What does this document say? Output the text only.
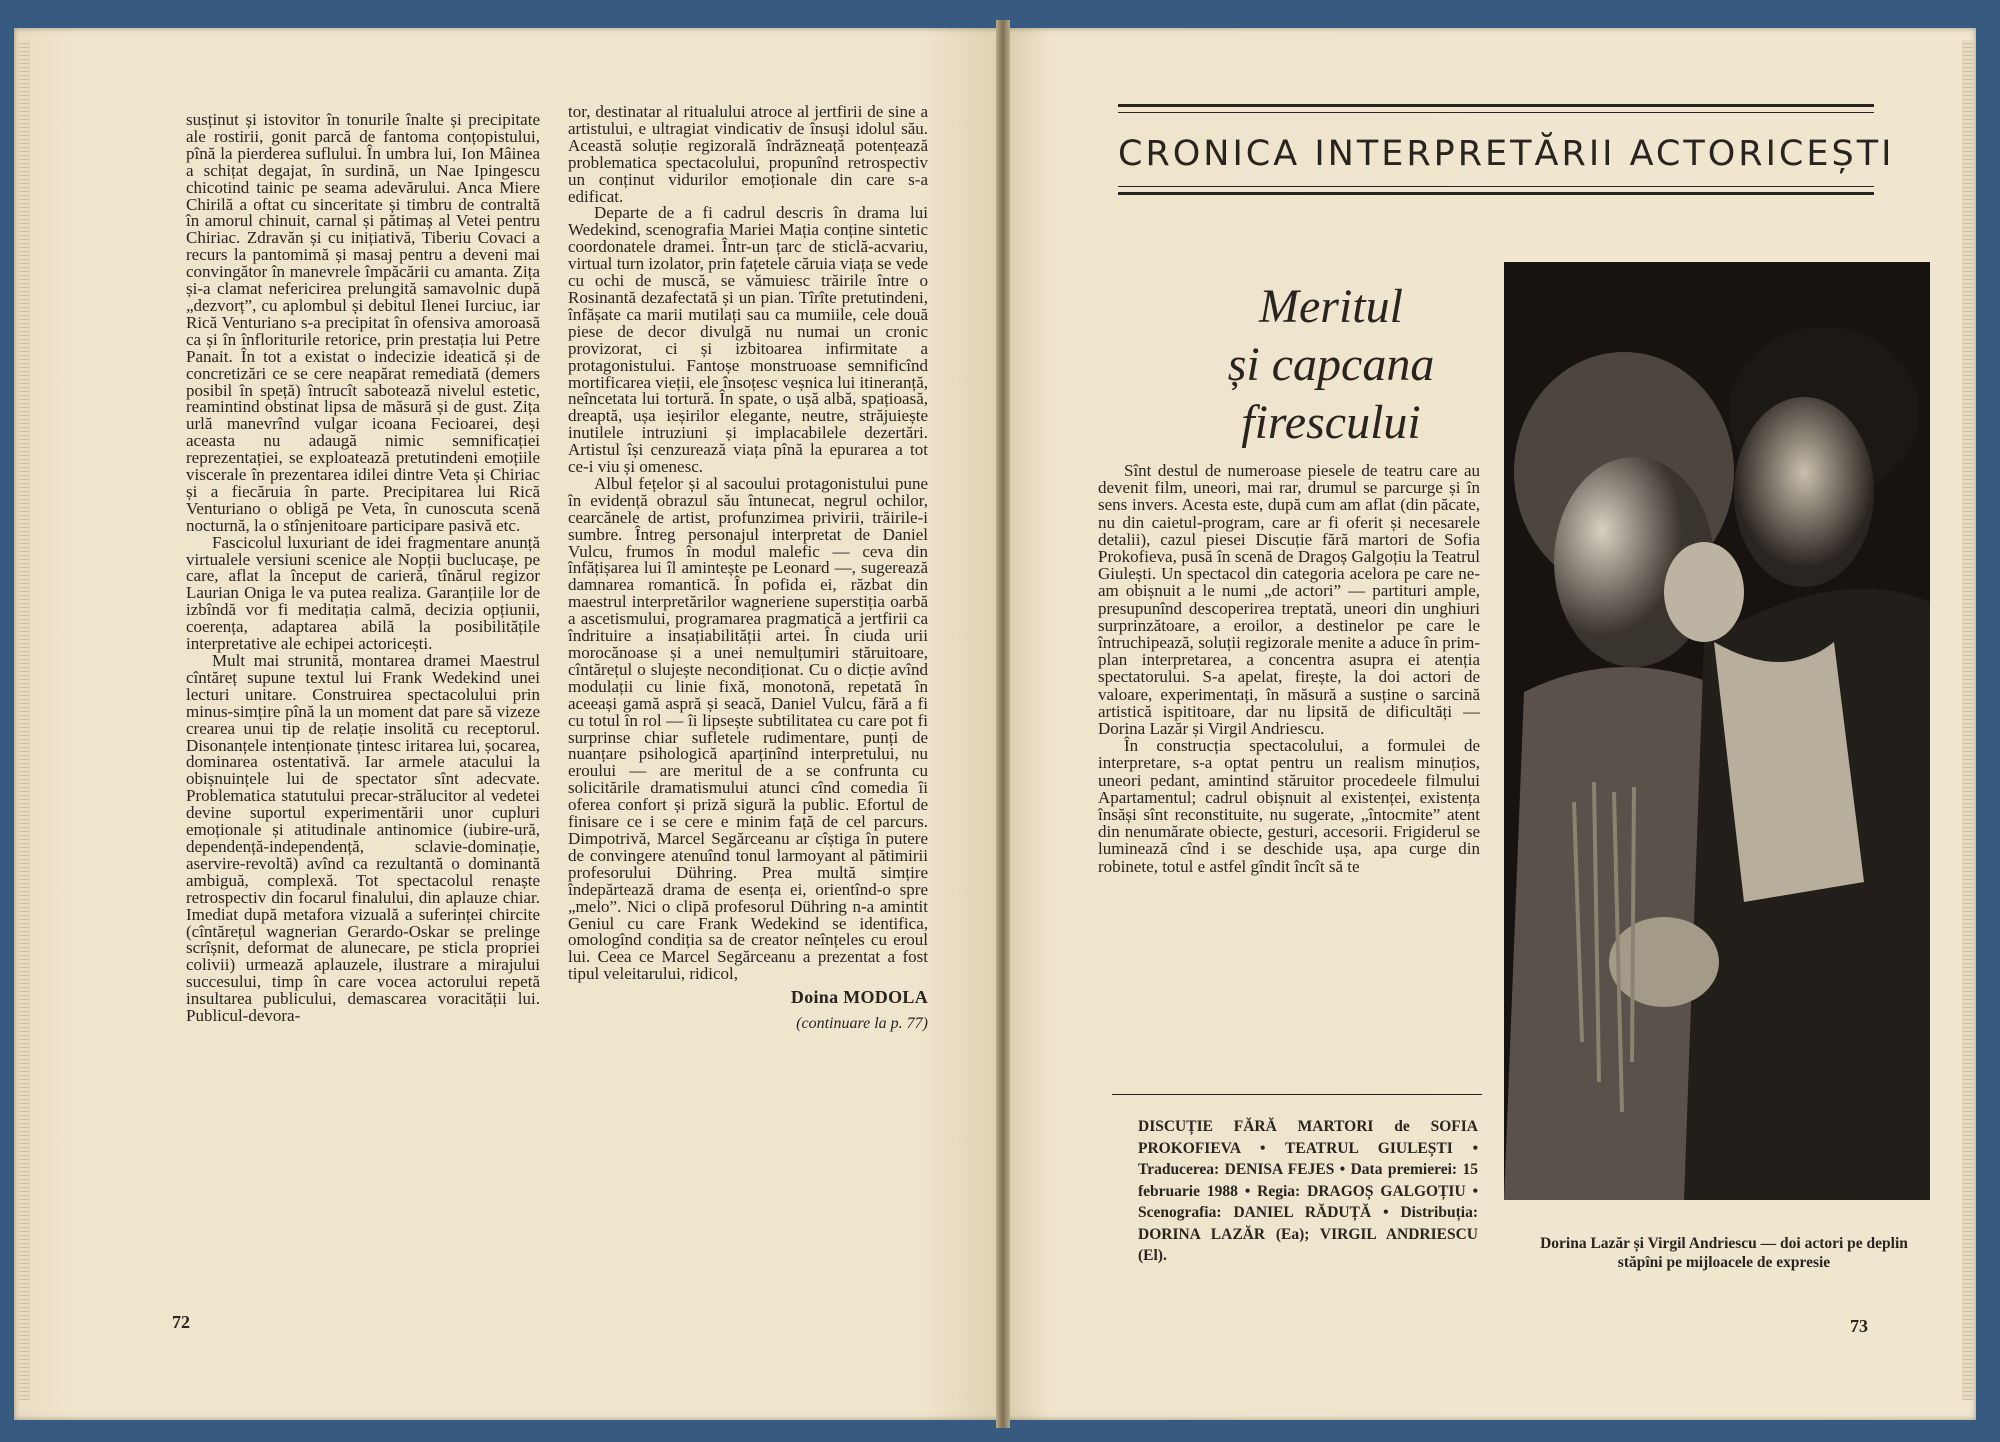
susținut și istovitor în tonurile înalte și precipitate ale rostirii, gonit parcă de fantoma conțopistului, pînă la pierderea suflului. În umbra lui, Ion Mâinea a schițat degajat, în surdină, un Nae Ipingescu chicotind tainic pe seama adevărului. Anca Miere Chirilă a oftat cu sinceritate și timbru de contraltă în amorul chinuit, carnal și pătimaș al Vetei pentru Chiriac. Zdravăn și cu inițiativă, Tiberiu Covaci a recurs la pantomimă și masaj pentru a deveni mai convingător în manevrele împăcării cu amanta. Zița și-a clamat nefericirea prelungită samavolnic după „dezvorț”, cu aplombul și debitul Ilenei Iurciuc, iar Rică Venturiano s-a precipitat în ofensiva amoroasă ca și în înfloriturile retorice, prin prestația lui Petre Panait. În tot a existat o indecizie ideatică și de concretizări ce se cere neapărat remediată (demers posibil în speță) întrucît sabotează nivelul estetic, reamintind obstinat lipsa de măsură și de gust. Zița urlă manevrînd vulgar icoana Fecioarei, deși aceasta nu adaugă nimic semnificației reprezentației, se exploatează pretutindeni emoțiile viscerale în prezentarea idilei dintre Veta și Chiriac și a fiecăruia în parte. Precipitarea lui Rică Venturiano o obligă pe Veta, în cunoscuta scenă nocturnă, la o stînjenitoare participare pasivă etc.

Fascicolul luxuriant de idei fragmentare anunță virtualele versiuni scenice ale Nopții buclucașe, pe care, aflat la început de carieră, tînărul regizor Laurian Oniga le va putea realiza. Garanțiile lor de izbîndă vor fi meditația calmă, decizia opțiunii, coerența, adaptarea abilă la posibilitățile interpretative ale echipei actoricești.

Mult mai strunită, montarea dramei Maestrul cîntăreț supune textul lui Frank Wedekind unei lecturi unitare. Construirea spectacolului prin minus-simțire pînă la un moment dat pare să vizeze crearea unui tip de relație insolită cu receptorul. Disonanțele intenționate țintesc iritarea lui, șocarea, dominarea ostentativă. Iar armele atacului la obișnuințele lui de spectator sînt adecvate. Problematica statutului precar-strălucitor al vedetei devine suportul experimentării unor cupluri emoționale și atitudinale antinomice (iubire-ură, dependență-independență, sclavie-dominație, aservire-revoltă) avînd ca rezultantă o dominantă ambiguă, complexă. Tot spectacolul renaște retrospectiv din focarul finalului, din aplauze chiar. Imediat după metafora vizuală a suferinței chircite (cîntărețul wagnerian Gerardo-Oskar se prelinge scrîșnit, deformat de alunecare, pe sticla propriei colivii) urmează aplauzele, ilustrare a mirajului succesului, timp în care vocea actorului repetă insultarea publicului, demascarea voracității lui. Publicul-devora-

tor, destinatar al ritualului atroce al jertfirii de sine a artistului, e ultragiat vindicativ de însuși idolul său. Această soluție regizorală îndrăzneață potențează problematica spectacolului, propunînd retrospectiv un conținut vidurilor emoționale din care s-a edificat.

Departe de a fi cadrul descris în drama lui Wedekind, scenografia Mariei Mația conține sintetic coordonatele dramei. Într-un țarc de sticlă-acvariu, virtual turn izolator, prin fațetele căruia viața se vede cu ochi de muscă, se vămuiesc trăirile între o Rosinantă dezafectată și un pian. Tîrîte pretutindeni, înfășate ca marii mutilați sau ca mumiile, cele două piese de decor divulgă nu numai un cronic provizorat, ci și izbitoarea infirmitate a protagonistului. Fantoșe monstruoase semnificînd mortificarea vieții, ele însoțesc veșnica lui itineranță, neîncetata lui tortură. În spate, o ușă albă, spațioasă, dreaptă, ușa ieșirilor elegante, neutre, străjuiește inutilele intruziuni și implacabilele dezertări. Artistul își cenzurează viața pînă la epurarea a tot ce-i viu și omenesc.

Albul fețelor și al sacoului protagonistului pune în evidență obrazul său întunecat, negrul ochilor, cearcănele de artist, profunzimea privirii, trăirile-i sumbre. Întreg personajul interpretat de Daniel Vulcu, frumos în modul malefic — ceva din înfățișarea lui îl amintește pe Leonard —, sugerează damnarea romantică. În pofida ei, răzbat din maestrul interpretărilor wagneriene superstiția oarbă a ascetismului, programarea pragmatică a jertfirii ca îndrituire a insațiabilității artei. În ciuda urii morocănoase și a unei nemulțumiri stăruitoare, cîntărețul o slujește necondiționat. Cu o dicție avînd modulații cu linie fixă, monotonă, repetată în aceeași gamă aspră și seacă, Daniel Vulcu, fără a fi cu totul în rol — îi lipsește subtilitatea cu care pot fi surprinse chiar sufletele rudimentare, punți de nuanțare psihologică aparținînd interpretului, nu eroului — are meritul de a se confrunta cu solicitările dramatismului atunci cînd comedia îi oferea confort și priză sigură la public. Efortul de finisare ce i se cere e minim față de cel parcurs. Dimpotrivă, Marcel Segărceanu ar cîștiga în putere de convingere atenuînd tonul larmoyant al pătimirii profesorului Dühring. Prea multă simțire îndepărtează drama de esența ei, orientînd-o spre „melo”. Nici o clipă profesorul Dühring n-a amintit Geniul cu care Frank Wedekind se identifica, omologînd condiția sa de creator neînțeles cu eroul lui. Ceea ce Marcel Segărceanu a prezentat a fost tipul veleitarului, ridicol,

Doina MODOLA
(continuare la p. 77)
72
CRONICA INTERPRETĂRII ACTORICEȘTI
Meritul
și capcana
firescului

Sînt destul de numeroase piesele de teatru care au devenit film, uneori, mai rar, drumul se parcurge și în sens invers. Acesta este, după cum am aflat (din păcate, nu din caietul-program, care ar fi oferit și necesarele detalii), cazul piesei Discuție fără martori de Sofia Prokofieva, pusă în scenă de Dragoș Galgoțiu la Teatrul Giulești. Un spectacol din categoria acelora pe care ne-am obișnuit a le numi „de actori” — partituri ample, presupunînd descoperirea treptată, uneori din unghiuri surprinzătoare, a eroilor, a destinelor pe care le întruchipează, soluții regizorale menite a aduce în prim-plan interpretarea, a concentra asupra ei atenția spectatorului. S-a apelat, firește, la doi actori de valoare, experimentați, în măsură a susține o sarcină artistică ispititoare, dar nu lipsită de dificultăți — Dorina Lazăr și Virgil Andriescu.

În construcția spectacolului, a formulei de interpretare, s-a optat pentru un realism minuțios, uneori pedant, amintind stăruitor procedeele filmului Apartamentul; cadrul obișnuit al existenței, existența însăși sînt reconstituite, nu sugerate, „întocmite” atent din nenumărate obiecte, gesturi, accesorii. Frigiderul se luminează cînd i se deschide ușa, apa curge din robinete, totul e astfel gîndit încît să te

DISCUȚIE FĂRĂ MARTORI de SOFIA PROKOFIEVA • TEATRUL GIULEȘTI • Traducerea: DENISA FEJES • Data premierei: 15 februarie 1988 • Regia: DRAGOȘ GALGOȚIU • Scenografia: DANIEL RĂDUȚĂ • Distribuția: DORINA LAZĂR (Ea); VIRGIL ANDRIESCU (El).
Dorina Lazăr și Virgil Andriescu — doi actori pe deplin stăpîni pe mijloacele de expresie
73
